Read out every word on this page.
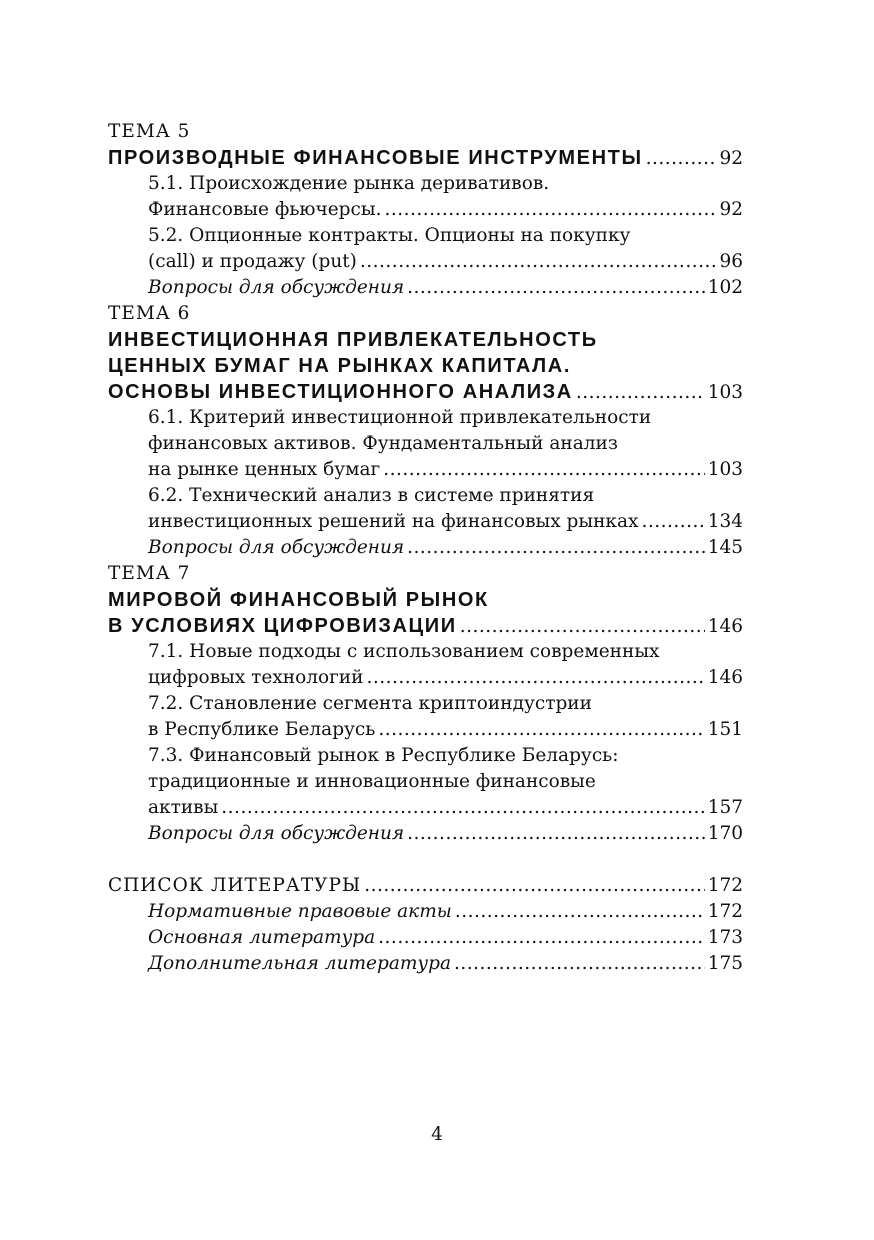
ТЕМА 5
ПРОИЗВОДНЫЕ ФИНАНСОВЫЕ ИНСТРУМЕНТЫ .....	92
5.1. Происхождение рынка деривативов.
Финансовые фьючерсы. .....	92
5.2. Опционные контракты. Опционы на покупку
(call) и продажу (put) .....	96
Вопросы для обсуждения .....	102
ТЕМА 6
ИНВЕСТИЦИОННАЯ ПРИВЛЕКАТЕЛЬНОСТЬ
ЦЕННЫХ БУМАГ НА РЫНКАХ КАПИТАЛА.
ОСНОВЫ ИНВЕСТИЦИОННОГО АНАЛИЗА .....	103
6.1. Критерий инвестиционной привлекательности
финансовых активов. Фундаментальный анализ
на рынке ценных бумаг .....	103
6.2. Технический анализ в системе принятия
инвестиционных решений на финансовых рынках .....	134
Вопросы для обсуждения .....	145
ТЕМА 7
МИРОВОЙ ФИНАНСОВЫЙ РЫНОК
В УСЛОВИЯХ ЦИФРОВИЗАЦИИ .....	146
7.1. Новые подходы с использованием современных
цифровых технологий .....	146
7.2. Становление сегмента криптоиндустрии
в Республике Беларусь .....	151
7.3. Финансовый рынок в Республике Беларусь:
традиционные и инновационные финансовые
активы .....	157
Вопросы для обсуждения .....	170
СПИСОК ЛИТЕРАТУРЫ .....	172
Нормативные правовые акты .....	172
Основная литература .....	173
Дополнительная литература .....	175
4
